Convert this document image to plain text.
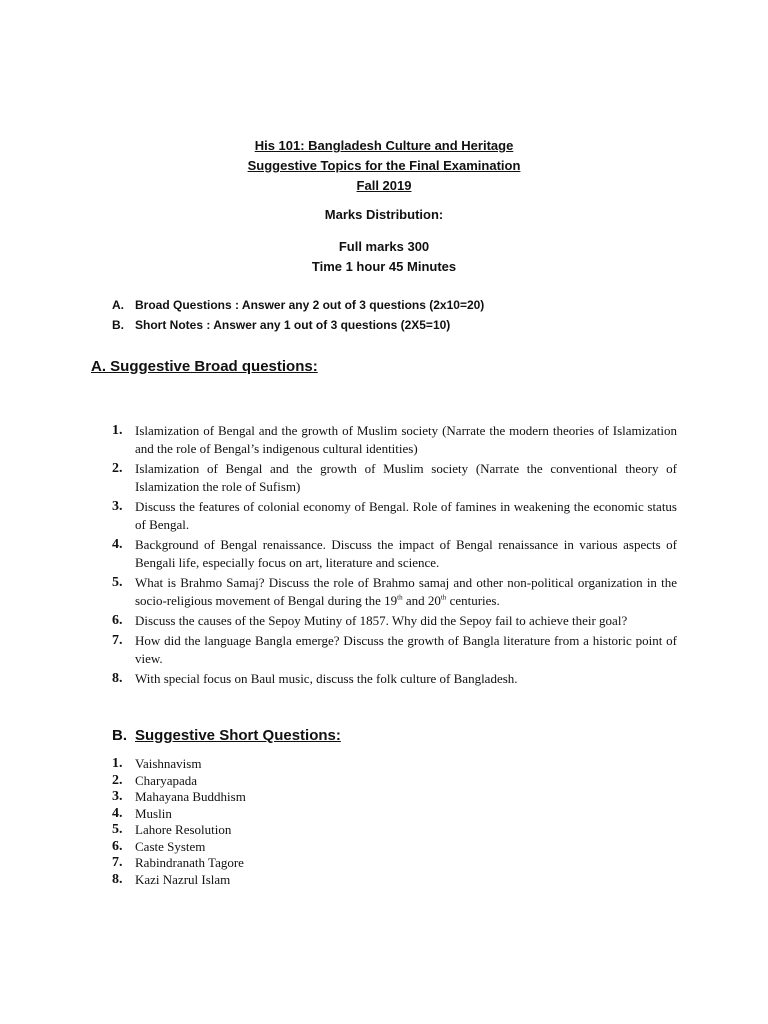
His 101: Bangladesh Culture and Heritage
Suggestive Topics for the Final Examination
Fall 2019
Marks Distribution:
Full marks 300
Time 1 hour 45 Minutes
A. Broad Questions : Answer any 2 out of 3 questions (2x10=20)
B. Short Notes : Answer any 1 out of 3 questions (2X5=10)
A. Suggestive Broad questions:
1. Islamization of Bengal and the growth of Muslim society (Narrate the modern theories of Islamization and the role of Bengal’s indigenous cultural identities)
2. Islamization of Bengal and the growth of Muslim society (Narrate the conventional theory of Islamization the role of Sufism)
3. Discuss the features of colonial economy of Bengal. Role of famines in weakening the economic status of Bengal.
4. Background of Bengal renaissance. Discuss the impact of Bengal renaissance in various aspects of Bengali life, especially focus on art, literature and science.
5. What is Brahmo Samaj? Discuss the role of Brahmo samaj and other non-political organization in the socio-religious movement of Bengal during the 19th and 20th centuries.
6. Discuss the causes of the Sepoy Mutiny of 1857. Why did the Sepoy fail to achieve their goal?
7. How did the language Bangla emerge? Discuss the growth of Bangla literature from a historic point of view.
8. With special focus on Baul music, discuss the folk culture of Bangladesh.
B. Suggestive Short Questions:
1. Vaishnavism
2. Charyapada
3. Mahayana Buddhism
4. Muslin
5. Lahore Resolution
6. Caste System
7. Rabindranath Tagore
8. Kazi Nazrul Islam
